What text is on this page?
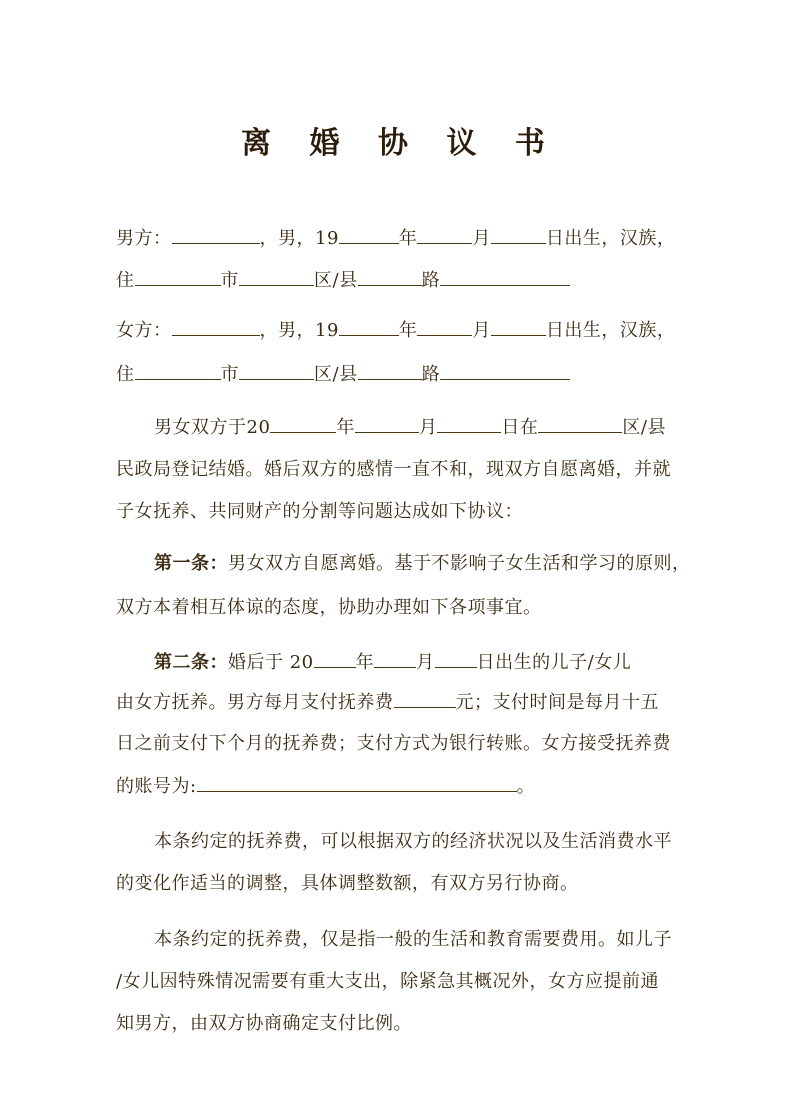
离 婚 协 议 书
男方：	，男，19	年	月	日出生，汉族，
住	市	区/县	路
女方：	，男，19	年	月	日出生，汉族，
住	市	区/县	路
男女双方于20	年	月	日在	区/县
民政局登记结婚。婚后双方的感情一直不和，现双方自愿离婚，并就
子女抚养、共同财产的分割等问题达成如下协议：
第一条：男女双方自愿离婚。基于不影响子女生活和学习的原则，
双方本着相互体谅的态度，协助办理如下各项事宜。
第二条：婚后于 20 年 月 日出生的儿子/女儿
由女方抚养。男方每月支付抚养费	元；支付时间是每月十五
日之前支付下个月的抚养费；支付方式为银行转账。女方接受抚养费
的账号为:	。
本条约定的抚养费，可以根据双方的经济状况以及生活消费水平
的变化作适当的调整，具体调整数额，有双方另行协商。
本条约定的抚养费，仅是指一般的生活和教育需要费用。如儿子
/女儿因特殊情况需要有重大支出，除紧急其概况外，女方应提前通
知男方，由双方协商确定支付比例。
